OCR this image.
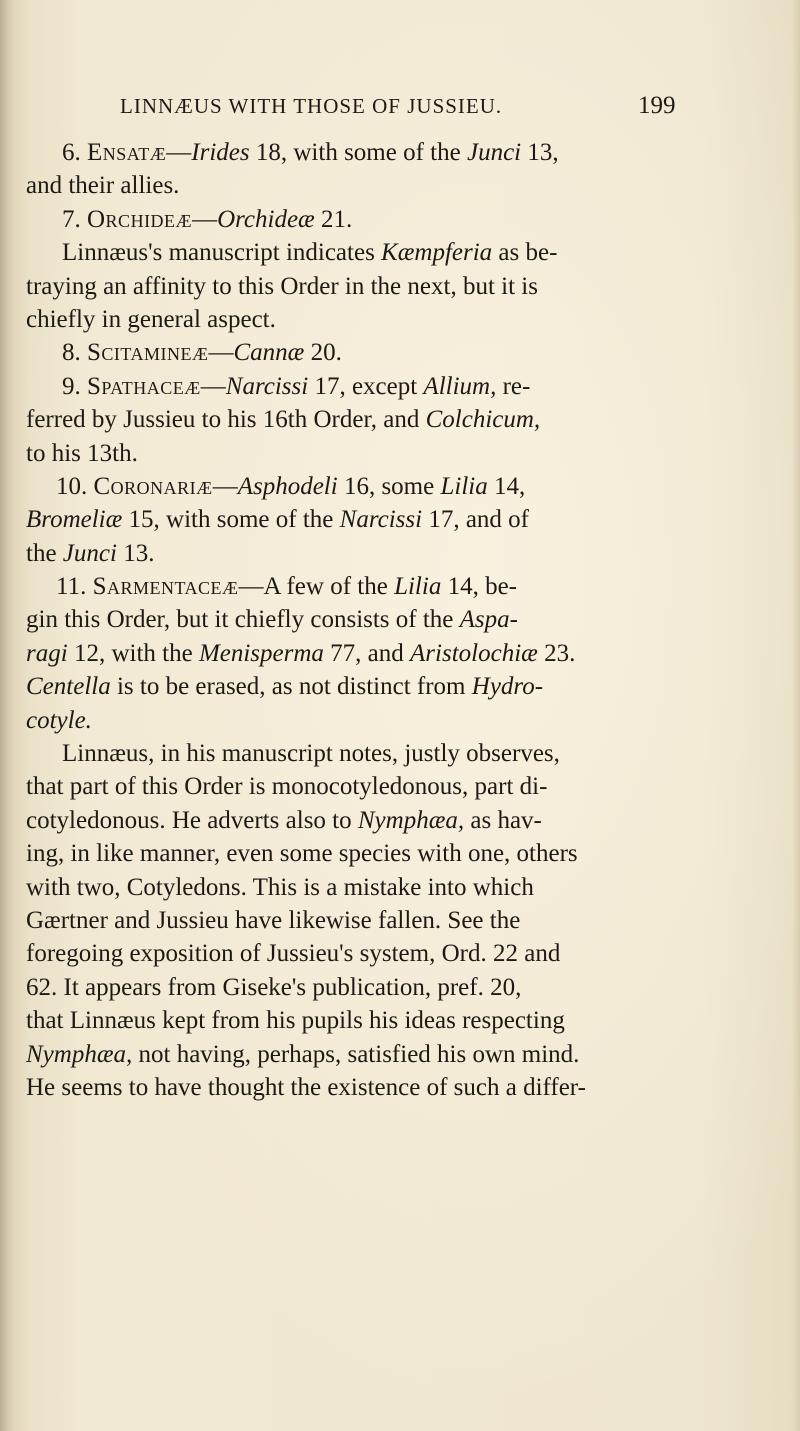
LINNÆUS WITH THOSE OF JUSSIEU.	199
6. Ensatæ—Irides 18, with some of the Junci 13,
and their allies.
7. Orchideæ—Orchideæ 21.
Linnæus's manuscript indicates Kæmpferia as be-
traying an affinity to this Order in the next, but it is
chiefly in general aspect.
8. Scitamineæ—Cannæ 20.
9. Spathaceæ—Narcissi 17, except Allium, re-
ferred by Jussieu to his 16th Order, and Colchicum,
to his 13th.
10. Coronariæ—Asphodeli 16, some Lilia 14,
Bromeliæ 15, with some of the Narcissi 17, and of
the Junci 13.
11. Sarmentaceæ—A few of the Lilia 14, be-
gin this Order, but it chiefly consists of the Aspa-
ragi 12, with the Menisperma 77, and Aristolochiæ 23.
Centella is to be erased, as not distinct from Hydro-
cotyle.
Linnæus, in his manuscript notes, justly observes,
that part of this Order is monocotyledonous, part di-
cotyledonous. He adverts also to Nymphæa, as hav-
ing, in like manner, even some species with one, others
with two, Cotyledons. This is a mistake into which
Gærtner and Jussieu have likewise fallen. See the
foregoing exposition of Jussieu's system, Ord. 22 and
62. It appears from Giseke's publication, pref. 20,
that Linnæus kept from his pupils his ideas respecting
Nymphæa, not having, perhaps, satisfied his own mind.
He seems to have thought the existence of such a differ-
